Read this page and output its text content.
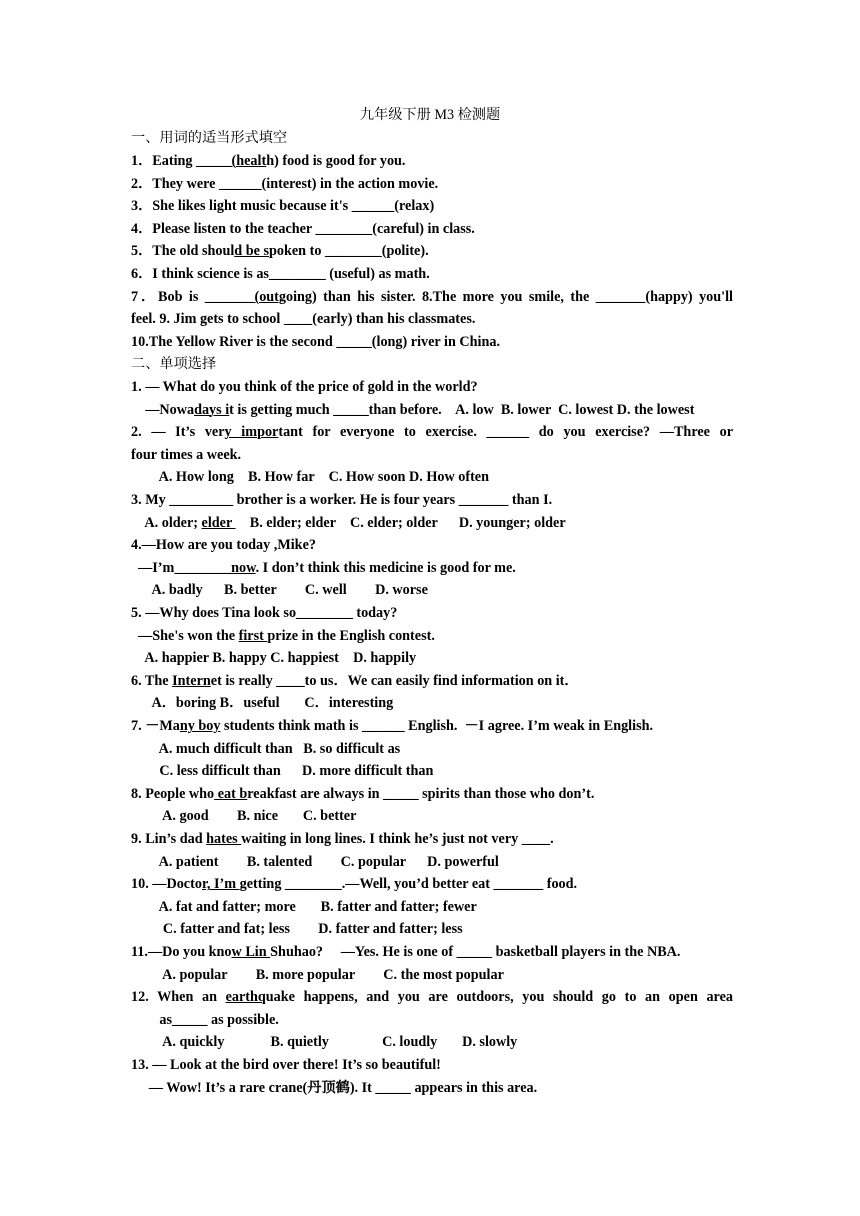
九年级下册 M3 检测题
一、用词的适当形式填空
1．Eating _____(health) food is good for you.
2．They were ______(interest) in the action movie.
3．She likes light music because it's ______(relax)
4．Please listen to the teacher ________(careful) in class.
5．The old should be spoken to ________(polite).
6．I think science is as________ (useful) as math.
7．Bob is _______(outgoing) than his sister. 8.The more you smile, the _______(happy) you'll
feel. 9. Jim gets to school ____(early) than his classmates.
10.The Yellow River is the second _____(long) river in China.
二、单项选择
1. — What do you think of the price of gold in the world?
—Nowadays it is getting much _____than before.    A. low  B. lower  C. lowest D. the lowest
2. — It’s very important for everyone to exercise. ______ do you exercise? —Three or
four times a week.
A. How long    B. How far    C. How soon D. How often
3. My _________ brother is a worker. He is four years _______ than I.
A. older; elder     B. elder; elder    C. elder; older      D. younger; older
4.—How are you today ,Mike?
—I’m________now. I don’t think this medicine is good for me.
A. badly      B. better        C. well        D. worse
5. —Why does Tina look so________ today?
—She's won the first prize in the English contest.
A. happier B. happy C. happiest    D. happily
6. The Internet is really ____to us．We can easily find information on it．
A．boring B．useful       C．interesting
7. －Many boy students think math is ______ English.  －I agree. I’m weak in English.
A. much difficult than   B. so difficult as
C. less difficult than      D. more difficult than
8. People who eat breakfast are always in _____ spirits than those who don’t.
A. good        B. nice       C. better
9. Lin’s dad hates waiting in long lines. I think he’s just not very ____.
A. patient        B. talented        C. popular      D. powerful
10. —Doctor, I’m getting ________.—Well, you’d better eat _______ food.
A. fat and fatter; more       B. fatter and fatter; fewer
C. fatter and fat; less        D. fatter and fatter; less
11.—Do you know Lin Shuhao?     —Yes. He is one of _____ basketball players in the NBA.
A. popular        B. more popular        C. the most popular
12. When an earthquake happens, and you are outdoors, you should go to an open area
as_____ as possible.
A. quickly             B. quietly               C. loudly       D. slowly
13. — Look at the bird over there! It’s so beautiful!
— Wow! It’s a rare crane(丹顶鹤). It _____ appears in this area.
